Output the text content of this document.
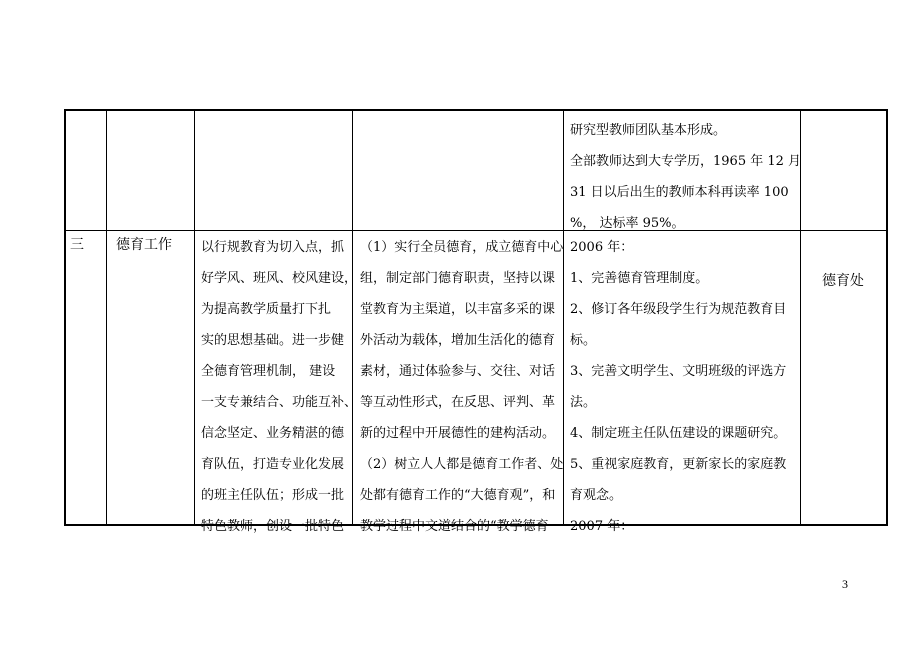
研究型教师团队基本形成。
全部教师达到大专学历，1965 年 12 月
31 日以后出生的教师本科再读率 100
%， 达标率 95%。
三 德育工作 以行规教育为切入点，抓
好学风、班风、校风建设，
为提高教学质量打下扎
实的思想基础。进一步健
全德育管理机制， 建设
一支专兼结合、功能互补、
信念坚定、业务精湛的德
育队伍，打造专业化发展
的班主任队伍；形成一批
特色教师，创设一批特色
（1）实行全员德育，成立德育中心
组，制定部门德育职责，坚持以课
堂教育为主渠道，以丰富多采的课
外活动为载体，增加生活化的德育
素材，通过体验参与、交往、对话
等互动性形式，在反思、评判、革
新的过程中开展德性的建构活动。
（2）树立人人都是德育工作者、处
处都有德育工作的“大德育观”，和
教学过程中文道结合的“教学德育
2006 年：
1、完善德育管理制度。
2、修订各年级段学生行为规范教育目
标。
3、完善文明学生、文明班级的评选方
法。
4、制定班主任队伍建设的课题研究。
5、重视家庭教育，更新家长的家庭教
育观念。
2007 年：
德育处
3
